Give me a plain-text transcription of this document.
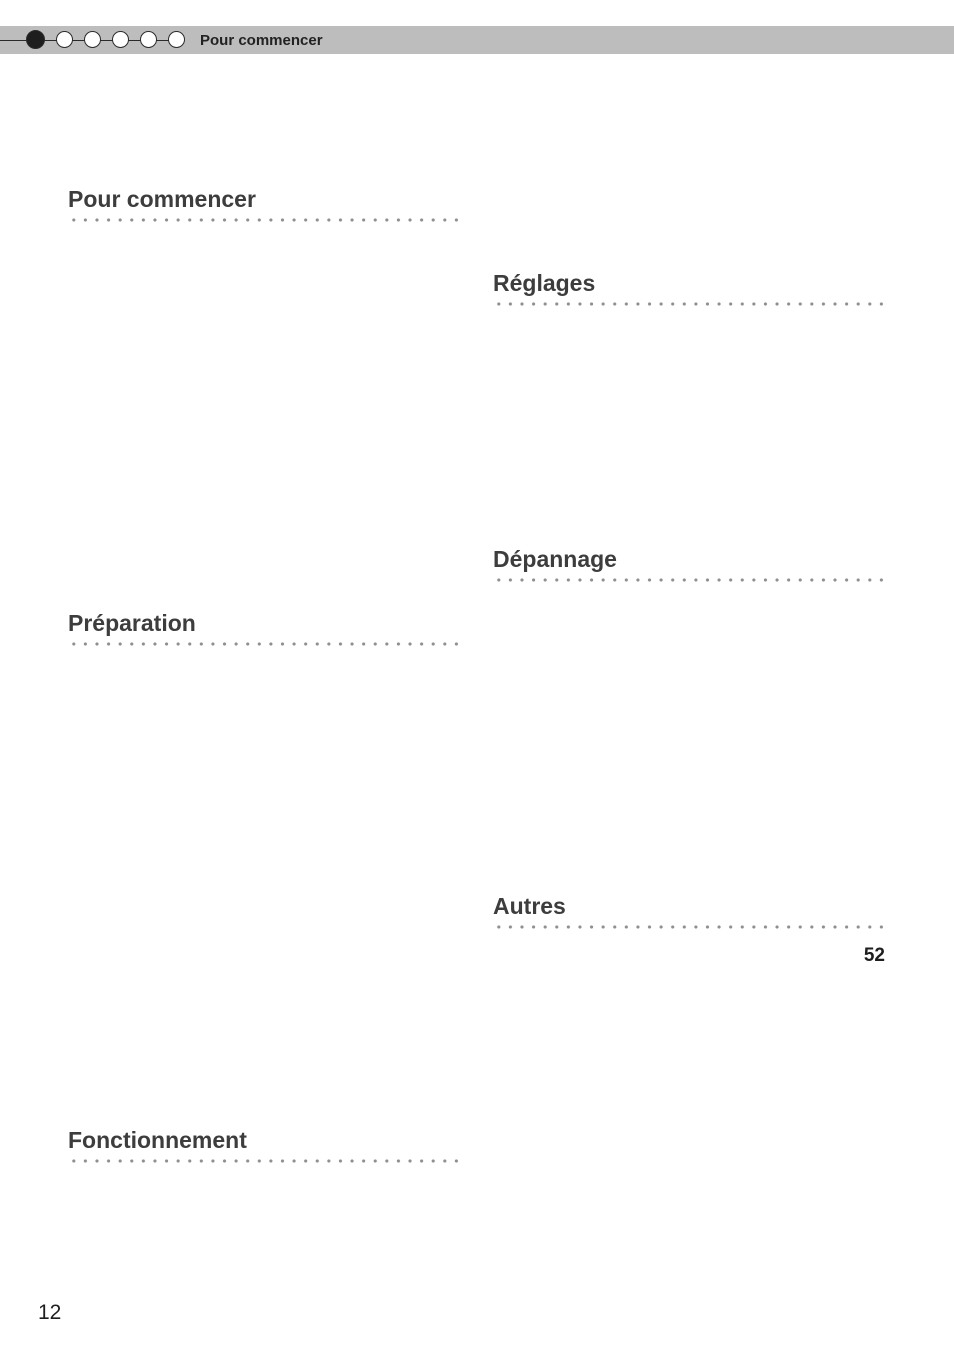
Pour commencer
Pour commencer
Préparation
Fonctionnement
Réglages
Dépannage
Autres
52
12
